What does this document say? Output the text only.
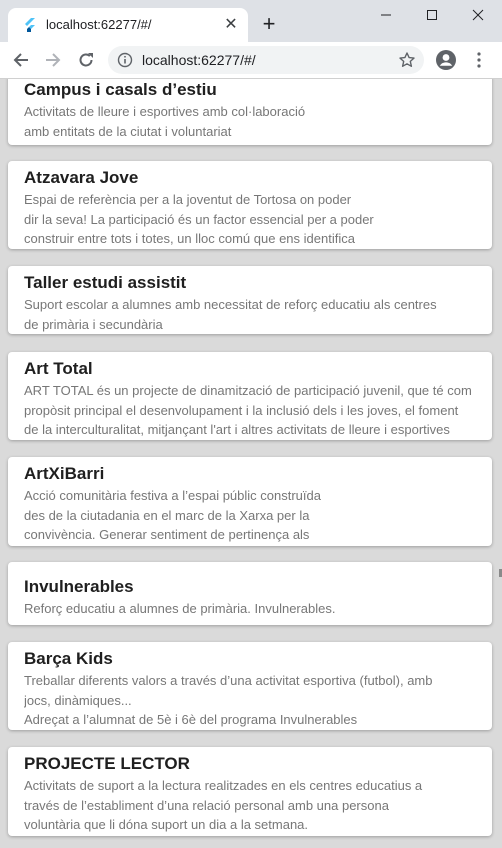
localhost:62277/#/	✕ +
localhost:62277/#/
Campus i casals d’estiu
Activitats de lleure i esportives amb col·laboració
amb entitats de la ciutat i voluntariat
Atzavara Jove
Espai de referència per a la joventut de Tortosa on poder
dir la seva! La participació és un factor essencial per a poder
construir entre tots i totes, un lloc comú que ens identifica
Taller estudi assistit
Suport escolar a alumnes amb necessitat de reforç educatiu als centres
de primària i secundària
Art Total
ART TOTAL és un projecte de dinamització de participació juvenil, que té com propòsit principal el desenvolupament i la inclusió dels i les joves, el foment de la interculturalitat, mitjançant l'art i altres activitats de lleure i esportives
ArtXiBarri
Acció comunitària festiva a l’espai públic construïda
des de la ciutadania en el marc de la Xarxa per la
convivència. Generar sentiment de pertinença als
Invulnerables
Reforç educatiu a alumnes de primària. Invulnerables.
Barça Kids
Treballar diferents valors a través d’una activitat esportiva (futbol), amb
jocs, dinàmiques...
Adreçat a l’alumnat de 5è i 6è del programa Invulnerables
PROJECTE LECTOR
Activitats de suport a la lectura realitzades en els centres educatius a
través de l’establiment d’una relació personal amb una persona
voluntària que li dóna suport un dia a la setmana.
